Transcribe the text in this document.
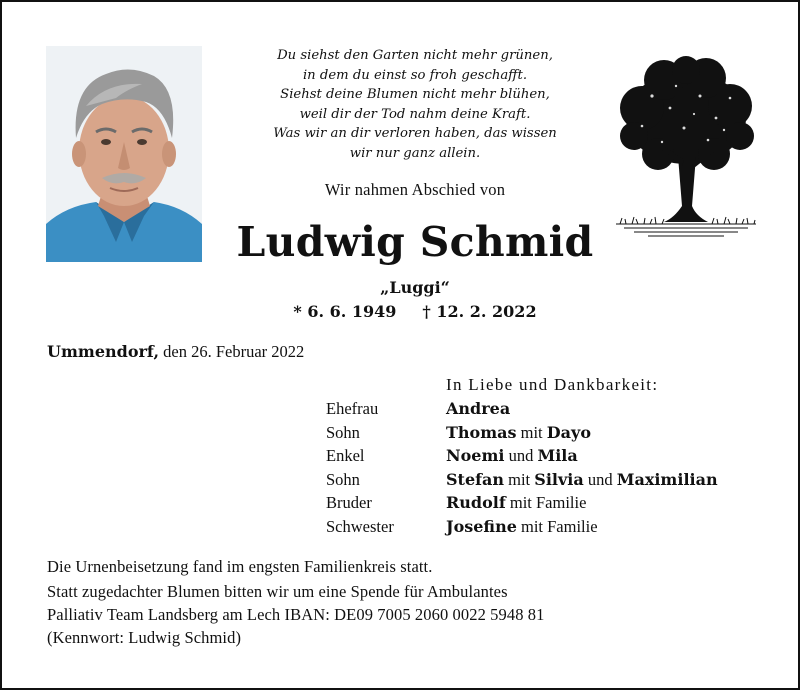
Du siehst den Garten nicht mehr grünen,
in dem du einst so froh geschafft.
Siehst deine Blumen nicht mehr blühen,
weil dir der Tod nahm deine Kraft.
Was wir an dir verloren haben, das wissen
wir nur ganz allein.
Wir nahmen Abschied von
Ludwig Schmid
„Luggi“
* 6. 6. 1949 † 12. 2. 2022
Ummendorf, den 26. Februar 2022
In Liebe und Dankbarkeit:
Ehefrau	Andrea
Sohn	Thomas mit Dayo
Enkel	Noemi und Mila
Sohn	Stefan mit Silvia und Maximilian
Bruder	Rudolf mit Familie
Schwester	Josefine mit Familie
Die Urnenbeisetzung fand im engsten Familienkreis statt.
Statt zugedachter Blumen bitten wir um eine Spende für Ambulantes
Palliativ Team Landsberg am Lech IBAN: DE09 7005 2060 0022 5948 81
(Kennwort: Ludwig Schmid)
